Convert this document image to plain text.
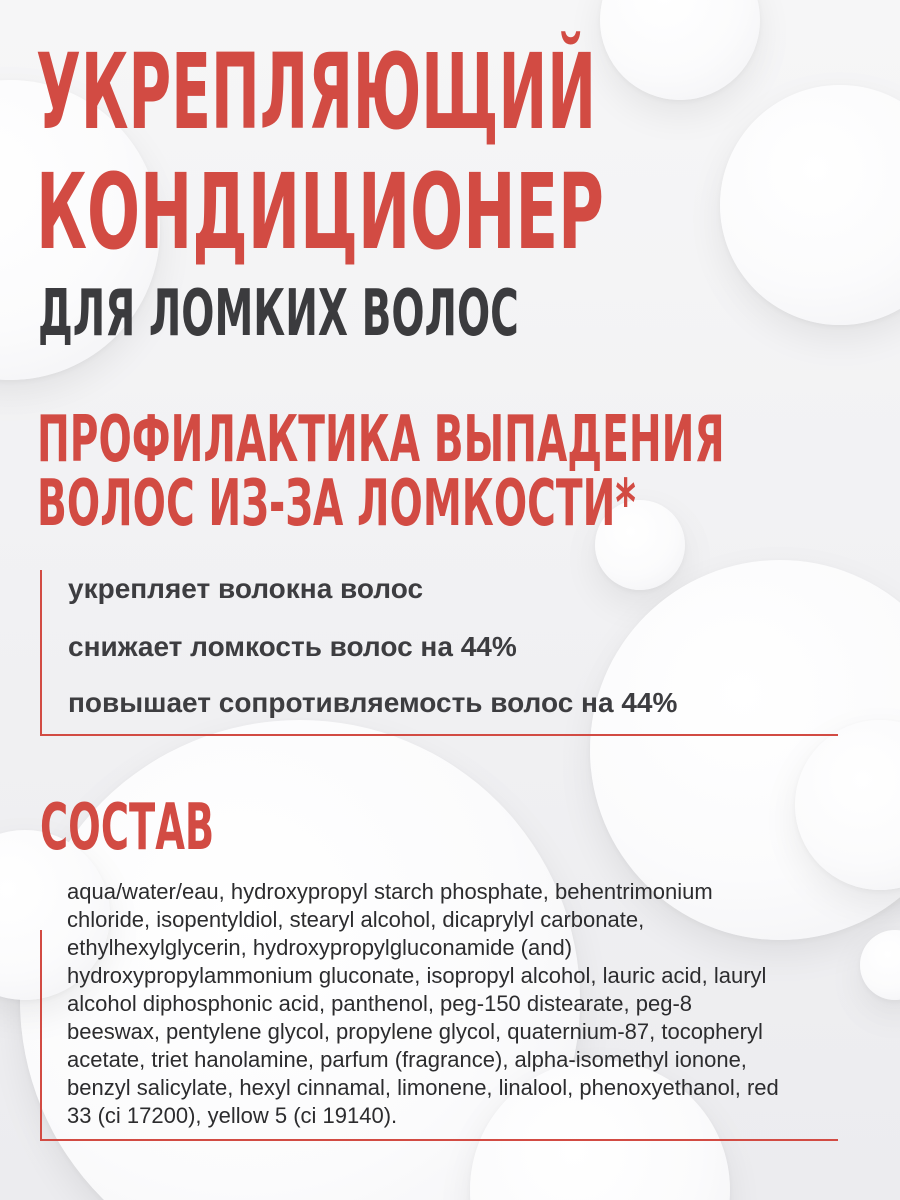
УКРЕПЛЯЮЩИЙ
КОНДИЦИОНЕР
ДЛЯ ЛОМКИХ ВОЛОС
ПРОФИЛАКТИКА ВЫПАДЕНИЯ
ВОЛОС ИЗ-ЗА ЛОМКОСТИ*

укрепляет волокна волос

снижает ломкость волос на 44%

повышает сопротивляемость волос на 44%

СОСТАВ

aqua/water/eau, hydroxypropyl starch phosphate, behentrimonium chloride, isopentyldiol, stearyl alcohol, dicaprylyl carbonate, ethylhexylglycerin, hydroxypropylgluconamide (and) hydroxypropylammonium gluconate, isopropyl alcohol, lauric acid, lauryl alcohol diphosphonic acid, panthenol, peg-150 distearate, peg-8 beeswax, pentylene glycol, propylene glycol, quaternium-87, tocopheryl acetate, triet hanolamine, parfum (fragrance), alpha-isomethyl ionone, benzyl salicylate, hexyl cinnamal, limonene, linalool, phenoxyethanol, red 33 (ci 17200), yellow 5 (ci 19140).
